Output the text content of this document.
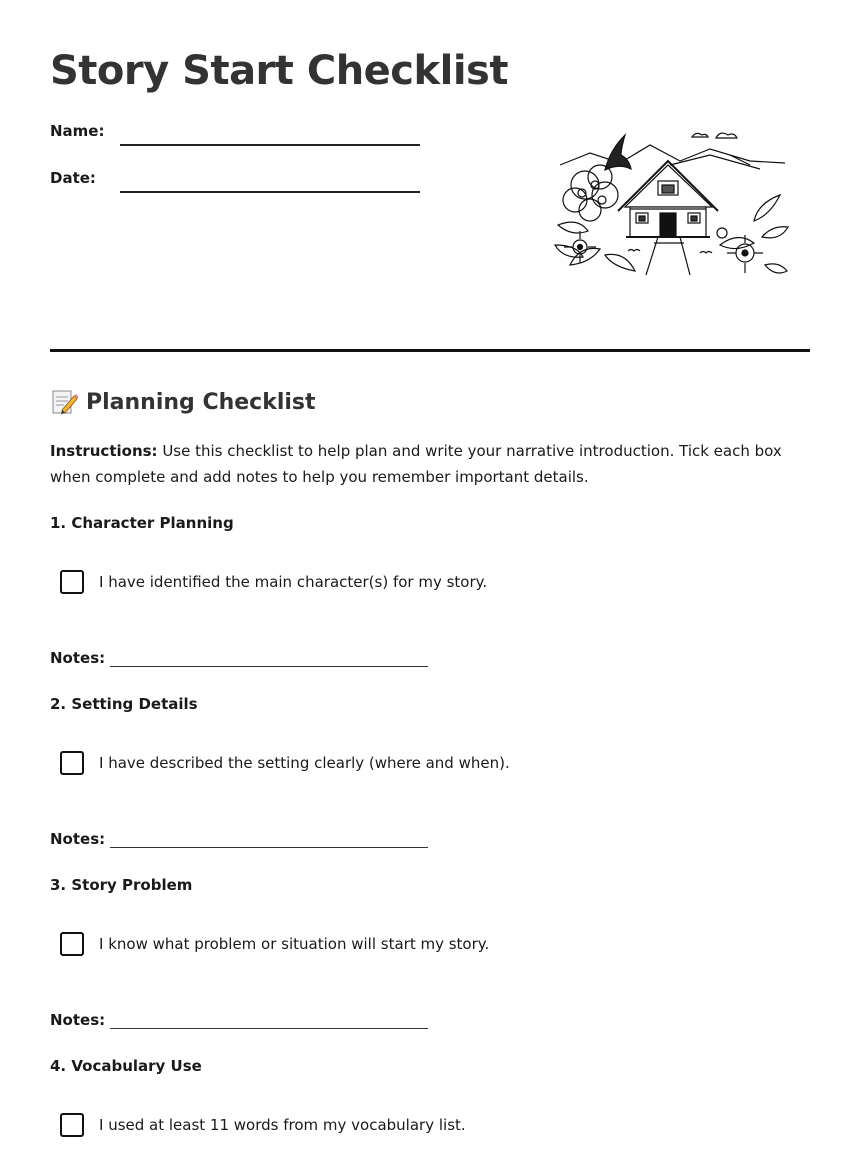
Story Start Checklist
Name:
Date:
Planning Checklist
Instructions: Use this checklist to help plan and write your narrative introduction. Tick each box when complete and add notes to help you remember important details.
1. Character Planning
I have identified the main character(s) for my story.
Notes:
2. Setting Details
I have described the setting clearly (where and when).
Notes:
3. Story Problem
I know what problem or situation will start my story.
Notes:
4. Vocabulary Use
I used at least 11 words from my vocabulary list.
